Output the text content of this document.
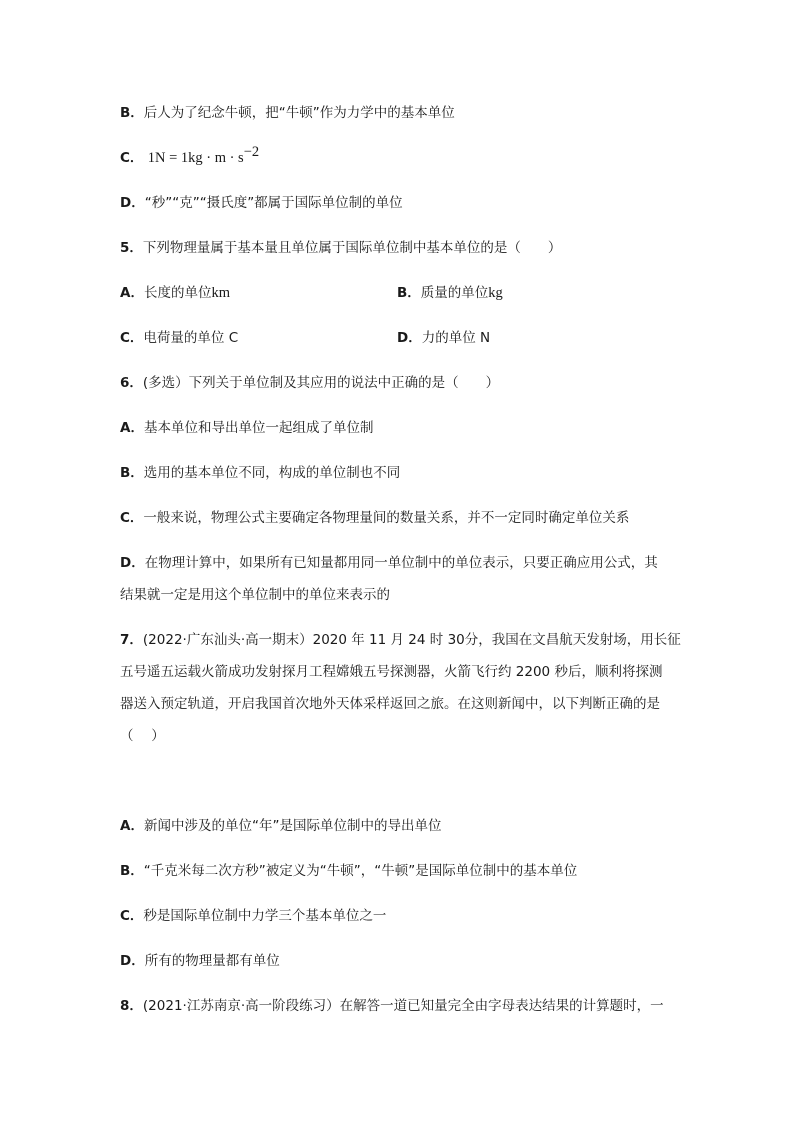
B．后人为了纪念牛顿，把“牛顿”作为力学中的基本单位
C． $1N = 1kg \cdot m \cdot s^{-2}$
D．“秒”“克”“摄氏度”都属于国际单位制的单位
5．下列物理量属于基本量且单位属于国际单位制中基本单位的是（　　）
A．长度的单位km	B．质量的单位kg
C．电荷量的单位 C	D．力的单位 N
6．(多选）下列关于单位制及其应用的说法中正确的是（　　）
A．基本单位和导出单位一起组成了单位制
B．选用的基本单位不同，构成的单位制也不同
C．一般来说，物理公式主要确定各物理量间的数量关系，并不一定同时确定单位关系
D．在物理计算中，如果所有已知量都用同一单位制中的单位表示，只要正确应用公式，其
结果就一定是用这个单位制中的单位来表示的
7．(2022·广东汕头·高一期末）2020 年 11 月 24 时 30分，我国在文昌航天发射场，用长征
五号遥五运载火箭成功发射探月工程嫦娥五号探测器，火箭飞行约 2200 秒后，顺利将探测
器送入预定轨道，开启我国首次地外天体采样返回之旅。在这则新闻中，以下判断正确的是
（　 ）
A．新闻中涉及的单位“年”是国际单位制中的导出单位
B．“千克米每二次方秒”被定义为“牛顿”，“牛顿”是国际单位制中的基本单位
C．秒是国际单位制中力学三个基本单位之一
D．所有的物理量都有单位
8．(2021·江苏南京·高一阶段练习）在解答一道已知量完全由字母表达结果的计算题时，一
